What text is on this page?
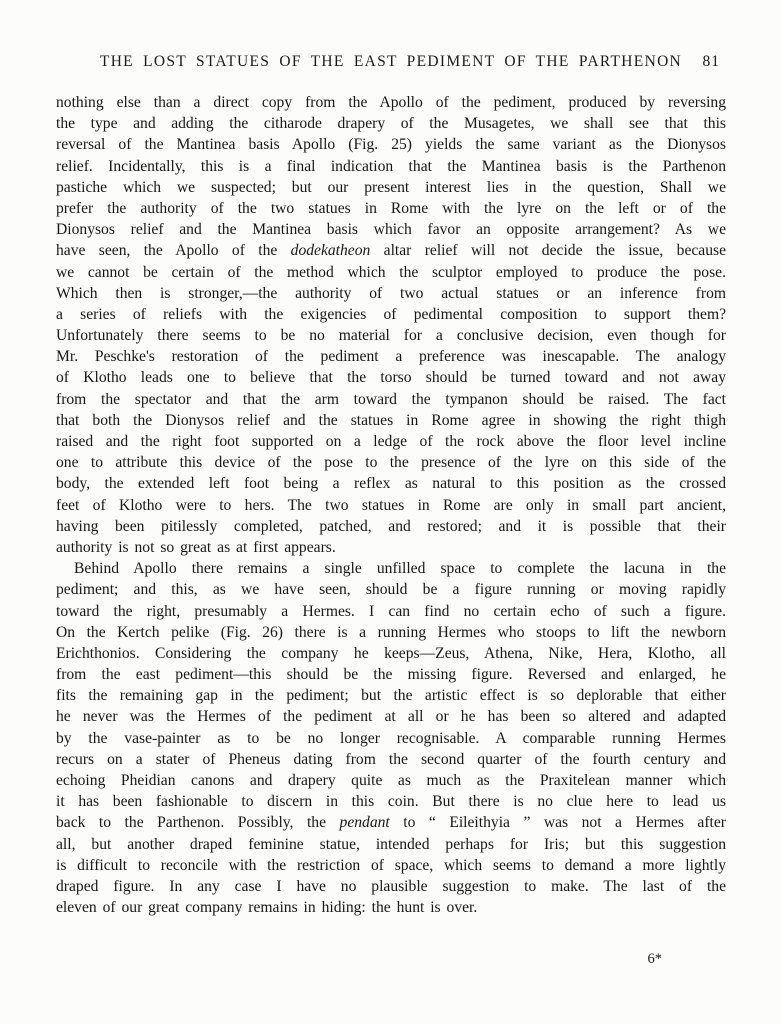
THE LOST STATUES OF THE EAST PEDIMENT OF THE PARTHENON	81
nothing else than a direct copy from the Apollo of the pediment, produced by reversing
the type and adding the citharode drapery of the Musagetes, we shall see that this
reversal of the Mantinea basis Apollo (Fig. 25) yields the same variant as the Dionysos
relief. Incidentally, this is a final indication that the Mantinea basis is the Parthenon
pastiche which we suspected; but our present interest lies in the question, Shall we
prefer the authority of the two statues in Rome with the lyre on the left or of the
Dionysos relief and the Mantinea basis which favor an opposite arrangement? As we
have seen, the Apollo of the dodekatheon altar relief will not decide the issue, because
we cannot be certain of the method which the sculptor employed to produce the pose.
Which then is stronger,—the authority of two actual statues or an inference from
a series of reliefs with the exigencies of pedimental composition to support them?
Unfortunately there seems to be no material for a conclusive decision, even though for
Mr. Peschke's restoration of the pediment a preference was inescapable. The analogy
of Klotho leads one to believe that the torso should be turned toward and not away
from the spectator and that the arm toward the tympanon should be raised. The fact
that both the Dionysos relief and the statues in Rome agree in showing the right thigh
raised and the right foot supported on a ledge of the rock above the floor level incline
one to attribute this device of the pose to the presence of the lyre on this side of the
body, the extended left foot being a reflex as natural to this position as the crossed
feet of Klotho were to hers. The two statues in Rome are only in small part ancient,
having been pitilessly completed, patched, and restored; and it is possible that their
authority is not so great as at first appears.
Behind Apollo there remains a single unfilled space to complete the lacuna in the
pediment; and this, as we have seen, should be a figure running or moving rapidly
toward the right, presumably a Hermes. I can find no certain echo of such a figure.
On the Kertch pelike (Fig. 26) there is a running Hermes who stoops to lift the newborn
Erichthonios. Considering the company he keeps—Zeus, Athena, Nike, Hera, Klotho, all
from the east pediment—this should be the missing figure. Reversed and enlarged, he
fits the remaining gap in the pediment; but the artistic effect is so deplorable that either
he never was the Hermes of the pediment at all or he has been so altered and adapted
by the vase-painter as to be no longer recognisable. A comparable running Hermes
recurs on a stater of Pheneus dating from the second quarter of the fourth century and
echoing Pheidian canons and drapery quite as much as the Praxitelean manner which
it has been fashionable to discern in this coin. But there is no clue here to lead us
back to the Parthenon. Possibly, the pendant to “ Eileithyia ” was not a Hermes after
all, but another draped feminine statue, intended perhaps for Iris; but this suggestion
is difficult to reconcile with the restriction of space, which seems to demand a more lightly
draped figure. In any case I have no plausible suggestion to make. The last of the
eleven of our great company remains in hiding: the hunt is over.
6*
